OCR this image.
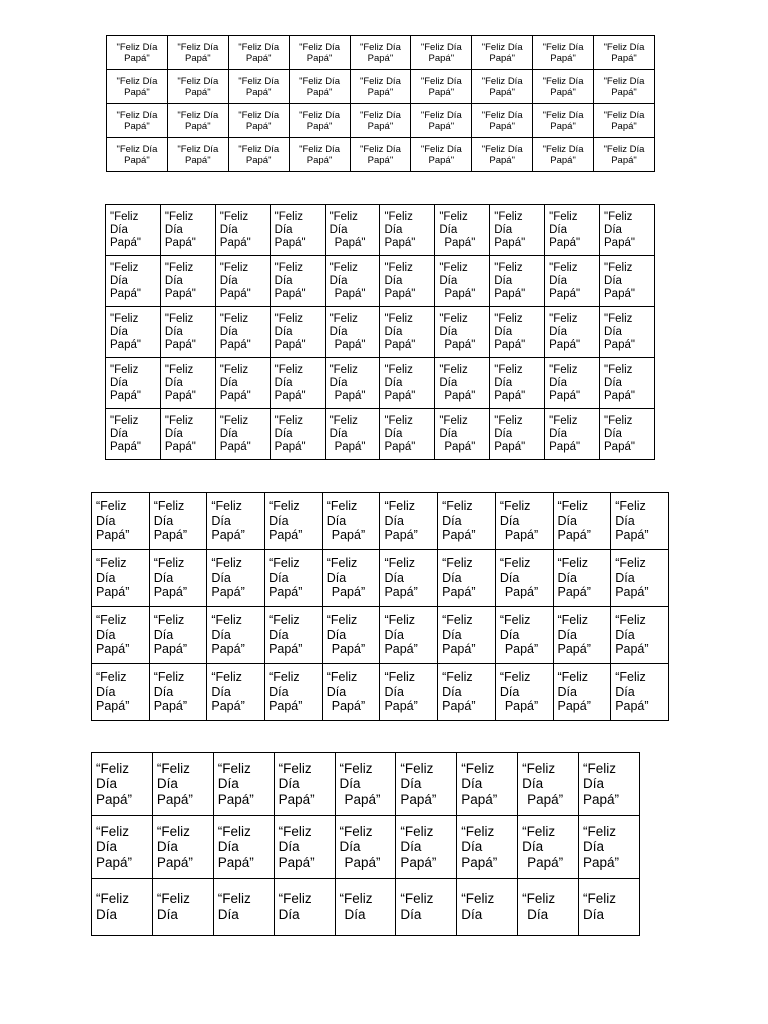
"Feliz Día
Papá"	"Feliz Día
Papá"	"Feliz Día
Papá"	"Feliz Día
Papá"	"Feliz Día
Papá"	"Feliz Día
Papá"	"Feliz Día
Papá"	"Feliz Día
Papá"	"Feliz Día
Papá"

"Feliz Día
Papá"	"Feliz Día
Papá"	"Feliz Día
Papá"	"Feliz Día
Papá"	"Feliz Día
Papá"	"Feliz Día
Papá"	"Feliz Día
Papá"	"Feliz Día
Papá"	"Feliz Día
Papá"

"Feliz Día
Papá"	"Feliz Día
Papá"	"Feliz Día
Papá"	"Feliz Día
Papá"	"Feliz Día
Papá"	"Feliz Día
Papá"	"Feliz Día
Papá"	"Feliz Día
Papá"	"Feliz Día
Papá"

"Feliz Día
Papá"	"Feliz Día
Papá"	"Feliz Día
Papá"	"Feliz Día
Papá"	"Feliz Día
Papá"	"Feliz Día
Papá"	"Feliz Día
Papá"	"Feliz Día
Papá"	"Feliz Día
Papá"
"Feliz
Día
Papá"	"Feliz
Día
Papá"	"Feliz
Día
Papá"	"Feliz
Día
Papá"	"Feliz
Día
Papá"	"Feliz
Día
Papá"	"Feliz
Día
Papá"	"Feliz
Día
Papá"	"Feliz
Día
Papá"	"Feliz
Día
Papá"

"Feliz
Día
Papá"	"Feliz
Día
Papá"	"Feliz
Día
Papá"	"Feliz
Día
Papá"	"Feliz
Día
Papá"	"Feliz
Día
Papá"	"Feliz
Día
Papá"	"Feliz
Día
Papá"	"Feliz
Día
Papá"	"Feliz
Día
Papá"

"Feliz
Día
Papá"	"Feliz
Día
Papá"	"Feliz
Día
Papá"	"Feliz
Día
Papá"	"Feliz
Día
Papá"	"Feliz
Día
Papá"	"Feliz
Día
Papá"	"Feliz
Día
Papá"	"Feliz
Día
Papá"	"Feliz
Día
Papá"

"Feliz
Día
Papá"	"Feliz
Día
Papá"	"Feliz
Día
Papá"	"Feliz
Día
Papá"	"Feliz
Día
Papá"	"Feliz
Día
Papá"	"Feliz
Día
Papá"	"Feliz
Día
Papá"	"Feliz
Día
Papá"	"Feliz
Día
Papá"

"Feliz
Día
Papá"	"Feliz
Día
Papá"	"Feliz
Día
Papá"	"Feliz
Día
Papá"	"Feliz
Día
Papá"	"Feliz
Día
Papá"	"Feliz
Día
Papá"	"Feliz
Día
Papá"	"Feliz
Día
Papá"	"Feliz
Día
Papá"
“Feliz
Día
Papá”	“Feliz
Día
Papá”	“Feliz
Día
Papá”	“Feliz
Día
Papá”	“Feliz
Día
Papá”	“Feliz
Día
Papá”	“Feliz
Día
Papá”	“Feliz
Día
Papá”	“Feliz
Día
Papá”	“Feliz
Día
Papá”

“Feliz
Día
Papá”	“Feliz
Día
Papá”	“Feliz
Día
Papá”	“Feliz
Día
Papá”	“Feliz
Día
Papá”	“Feliz
Día
Papá”	“Feliz
Día
Papá”	“Feliz
Día
Papá”	“Feliz
Día
Papá”	“Feliz
Día
Papá”

“Feliz
Día
Papá”	“Feliz
Día
Papá”	“Feliz
Día
Papá”	“Feliz
Día
Papá”	“Feliz
Día
Papá”	“Feliz
Día
Papá”	“Feliz
Día
Papá”	“Feliz
Día
Papá”	“Feliz
Día
Papá”	“Feliz
Día
Papá”

“Feliz
Día
Papá”	“Feliz
Día
Papá”	“Feliz
Día
Papá”	“Feliz
Día
Papá”	“Feliz
Día
Papá”	“Feliz
Día
Papá”	“Feliz
Día
Papá”	“Feliz
Día
Papá”	“Feliz
Día
Papá”	“Feliz
Día
Papá”
“Feliz
Día
Papá”	“Feliz
Día
Papá”	“Feliz
Día
Papá”	“Feliz
Día
Papá”	“Feliz
Día
Papá”	“Feliz
Día
Papá”	“Feliz
Día
Papá”	“Feliz
Día
Papá”	“Feliz
Día
Papá”

“Feliz
Día
Papá”	“Feliz
Día
Papá”	“Feliz
Día
Papá”	“Feliz
Día
Papá”	“Feliz
Día
Papá”	“Feliz
Día
Papá”	“Feliz
Día
Papá”	“Feliz
Día
Papá”	“Feliz
Día
Papá”

“Feliz
Día	“Feliz
Día	“Feliz
Día	“Feliz
Día	“Feliz
Día	“Feliz
Día	“Feliz
Día	“Feliz
Día	“Feliz
Día
